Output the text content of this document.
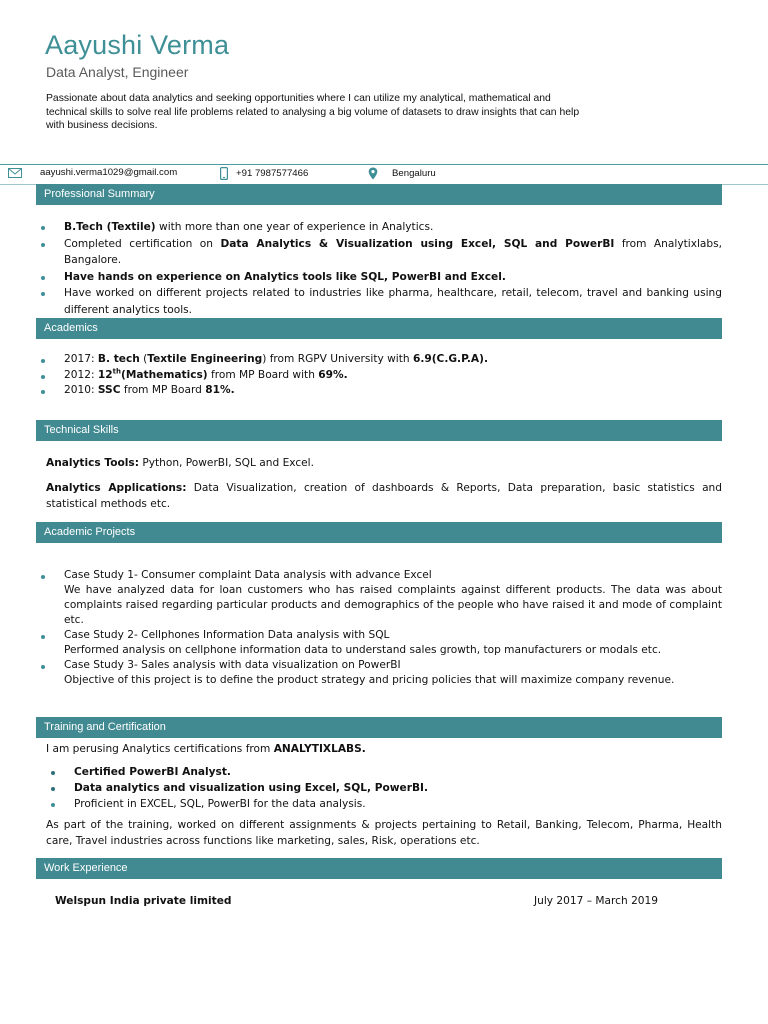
Aayushi Verma
Data Analyst, Engineer
Passionate about data analytics and seeking opportunities where I can utilize my analytical, mathematical and technical skills to solve real life problems related to analysing a big volume of datasets to draw insights that can help with business decisions.
aayushi.verma1029@gmail.com	+91 7987577466	Bengaluru
Professional Summary
B.Tech (Textile) with more than one year of experience in Analytics.
Completed certification on Data Analytics & Visualization using Excel, SQL and PowerBI from Analytixlabs, Bangalore.
Have hands on experience on Analytics tools like SQL, PowerBI and Excel.
Have worked on different projects related to industries like pharma, healthcare, retail, telecom, travel and banking using different analytics tools.
Academics
2017: B. tech (Textile Engineering) from RGPV University with 6.9(C.G.P.A).
2012: 12th(Mathematics) from MP Board with 69%.
2010: SSC from MP Board 81%.
Technical Skills
Analytics Tools: Python, PowerBI, SQL and Excel.
Analytics Applications: Data Visualization, creation of dashboards & Reports, Data preparation, basic statistics and statistical methods etc.
Academic Projects
Case Study 1- Consumer complaint Data analysis with advance Excel
We have analyzed data for loan customers who has raised complaints against different products. The data was about complaints raised regarding particular products and demographics of the people who have raised it and mode of complaint etc.
Case Study 2- Cellphones Information Data analysis with SQL
Performed analysis on cellphone information data to understand sales growth, top manufacturers or modals etc.
Case Study 3- Sales analysis with data visualization on PowerBI
Objective of this project is to define the product strategy and pricing policies that will maximize company revenue.
Training and Certification
I am perusing Analytics certifications from ANALYTIXLABS.
Certified PowerBI Analyst.
Data analytics and visualization using Excel, SQL, PowerBI.
Proficient in EXCEL, SQL, PowerBI for the data analysis.
As part of the training, worked on different assignments & projects pertaining to Retail, Banking, Telecom, Pharma, Health care, Travel industries across functions like marketing, sales, Risk, operations etc.
Work Experience
Welspun India private limited	July 2017 – March 2019
